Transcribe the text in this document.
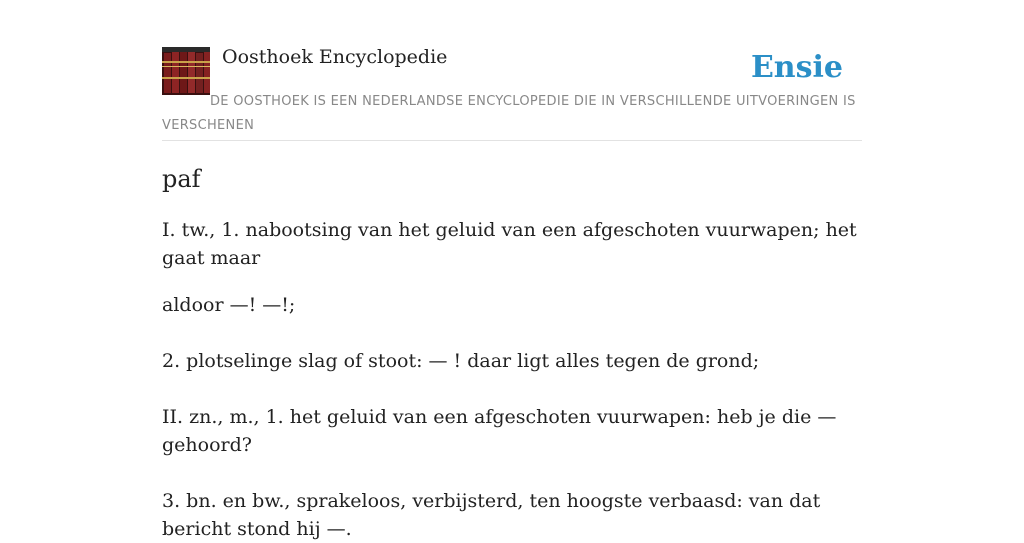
Oosthoek Encyclopedie	Ensie
DE OOSTHOEK IS EEN NEDERLANDSE ENCYCLOPEDIE DIE IN VERSCHILLENDE UITVOERINGEN IS VERSCHENEN
paf

I. tw., 1. nabootsing van het geluid van een afgeschoten vuurwapen; het gaat maar

aldoor —! —!;

2. plotselinge slag of stoot: — ! daar ligt alles tegen de grond;

II. zn., m., 1. het geluid van een afgeschoten vuurwapen: heb je die — gehoord?

3. bn. en bw., sprakeloos, verbijsterd, ten hoogste verbaasd: van dat bericht stond hij —.
